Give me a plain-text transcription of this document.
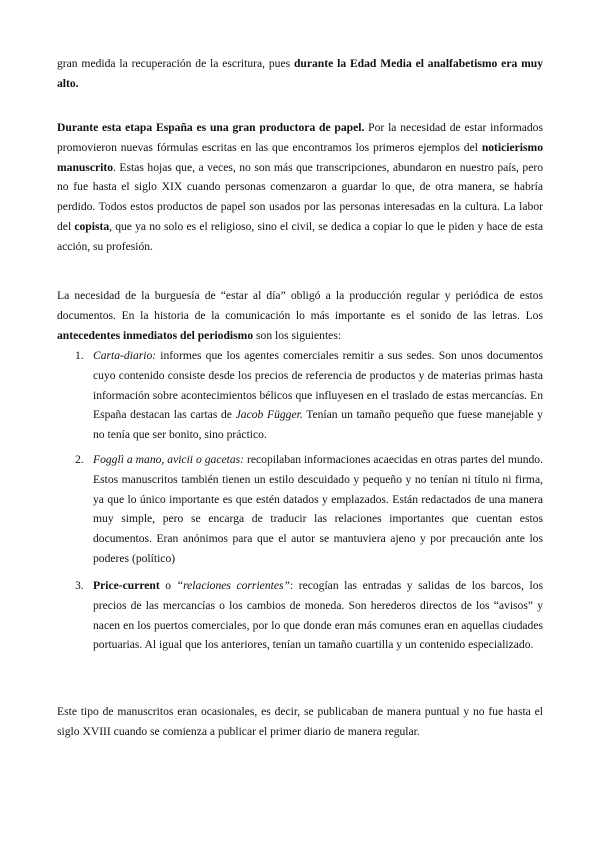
gran medida la recuperación de la escritura, pues durante la Edad Media el analfabetismo era muy alto.

Durante esta etapa España es una gran productora de papel. Por la necesidad de estar informados promovieron nuevas fórmulas escritas en las que encontramos los primeros ejemplos del noticierismo manuscrito. Estas hojas que, a veces, no son más que transcripciones, abundaron en nuestro país, pero no fue hasta el siglo XIX cuando personas comenzaron a guardar lo que, de otra manera, se habría perdido. Todos estos productos de papel son usados por las personas interesadas en la cultura. La labor del copista, que ya no solo es el religioso, sino el civil, se dedica a copiar lo que le piden y hace de esta acción, su profesión.

La necesidad de la burguesía de “estar al día” obligó a la producción regular y periódica de estos documentos. En la historia de la comunicación lo más importante es el sonido de las letras. Los antecedentes inmediatos del periodismo son los siguientes:

1. Carta-diario: informes que los agentes comerciales remitir a sus sedes. Son unos documentos cuyo contenido consiste desde los precios de referencia de productos y de materias primas hasta información sobre acontecimientos bélicos que influyesen en el traslado de estas mercancías. En España destacan las cartas de Jacob Függer. Tenían un tamaño pequeño que fuese manejable y no tenía que ser bonito, sino práctico.

2. Fogglì a mano, avicii o gacetas: recopilaban informaciones acaecidas en otras partes del mundo. Estos manuscritos también tienen un estilo descuidado y pequeño y no tenían ni título ni firma, ya que lo único importante es que estén datados y emplazados. Están redactados de una manera muy simple, pero se encarga de traducir las relaciones importantes que cuentan estos documentos. Eran anónimos para que el autor se mantuviera ajeno y por precaución ante los poderes (político)

3. Price-current o “relaciones corrientes”: recogían las entradas y salidas de los barcos, los precios de las mercancías o los cambios de moneda. Son herederos directos de los “avisos” y nacen en los puertos comerciales, por lo que donde eran más comunes eran en aquellas ciudades portuarias. Al igual que los anteriores, tenían un tamaño cuartilla y un contenido especializado.

Este tipo de manuscritos eran ocasionales, es decir, se publicaban de manera puntual y no fue hasta el siglo XVIII cuando se comienza a publicar el primer diario de manera regular.
